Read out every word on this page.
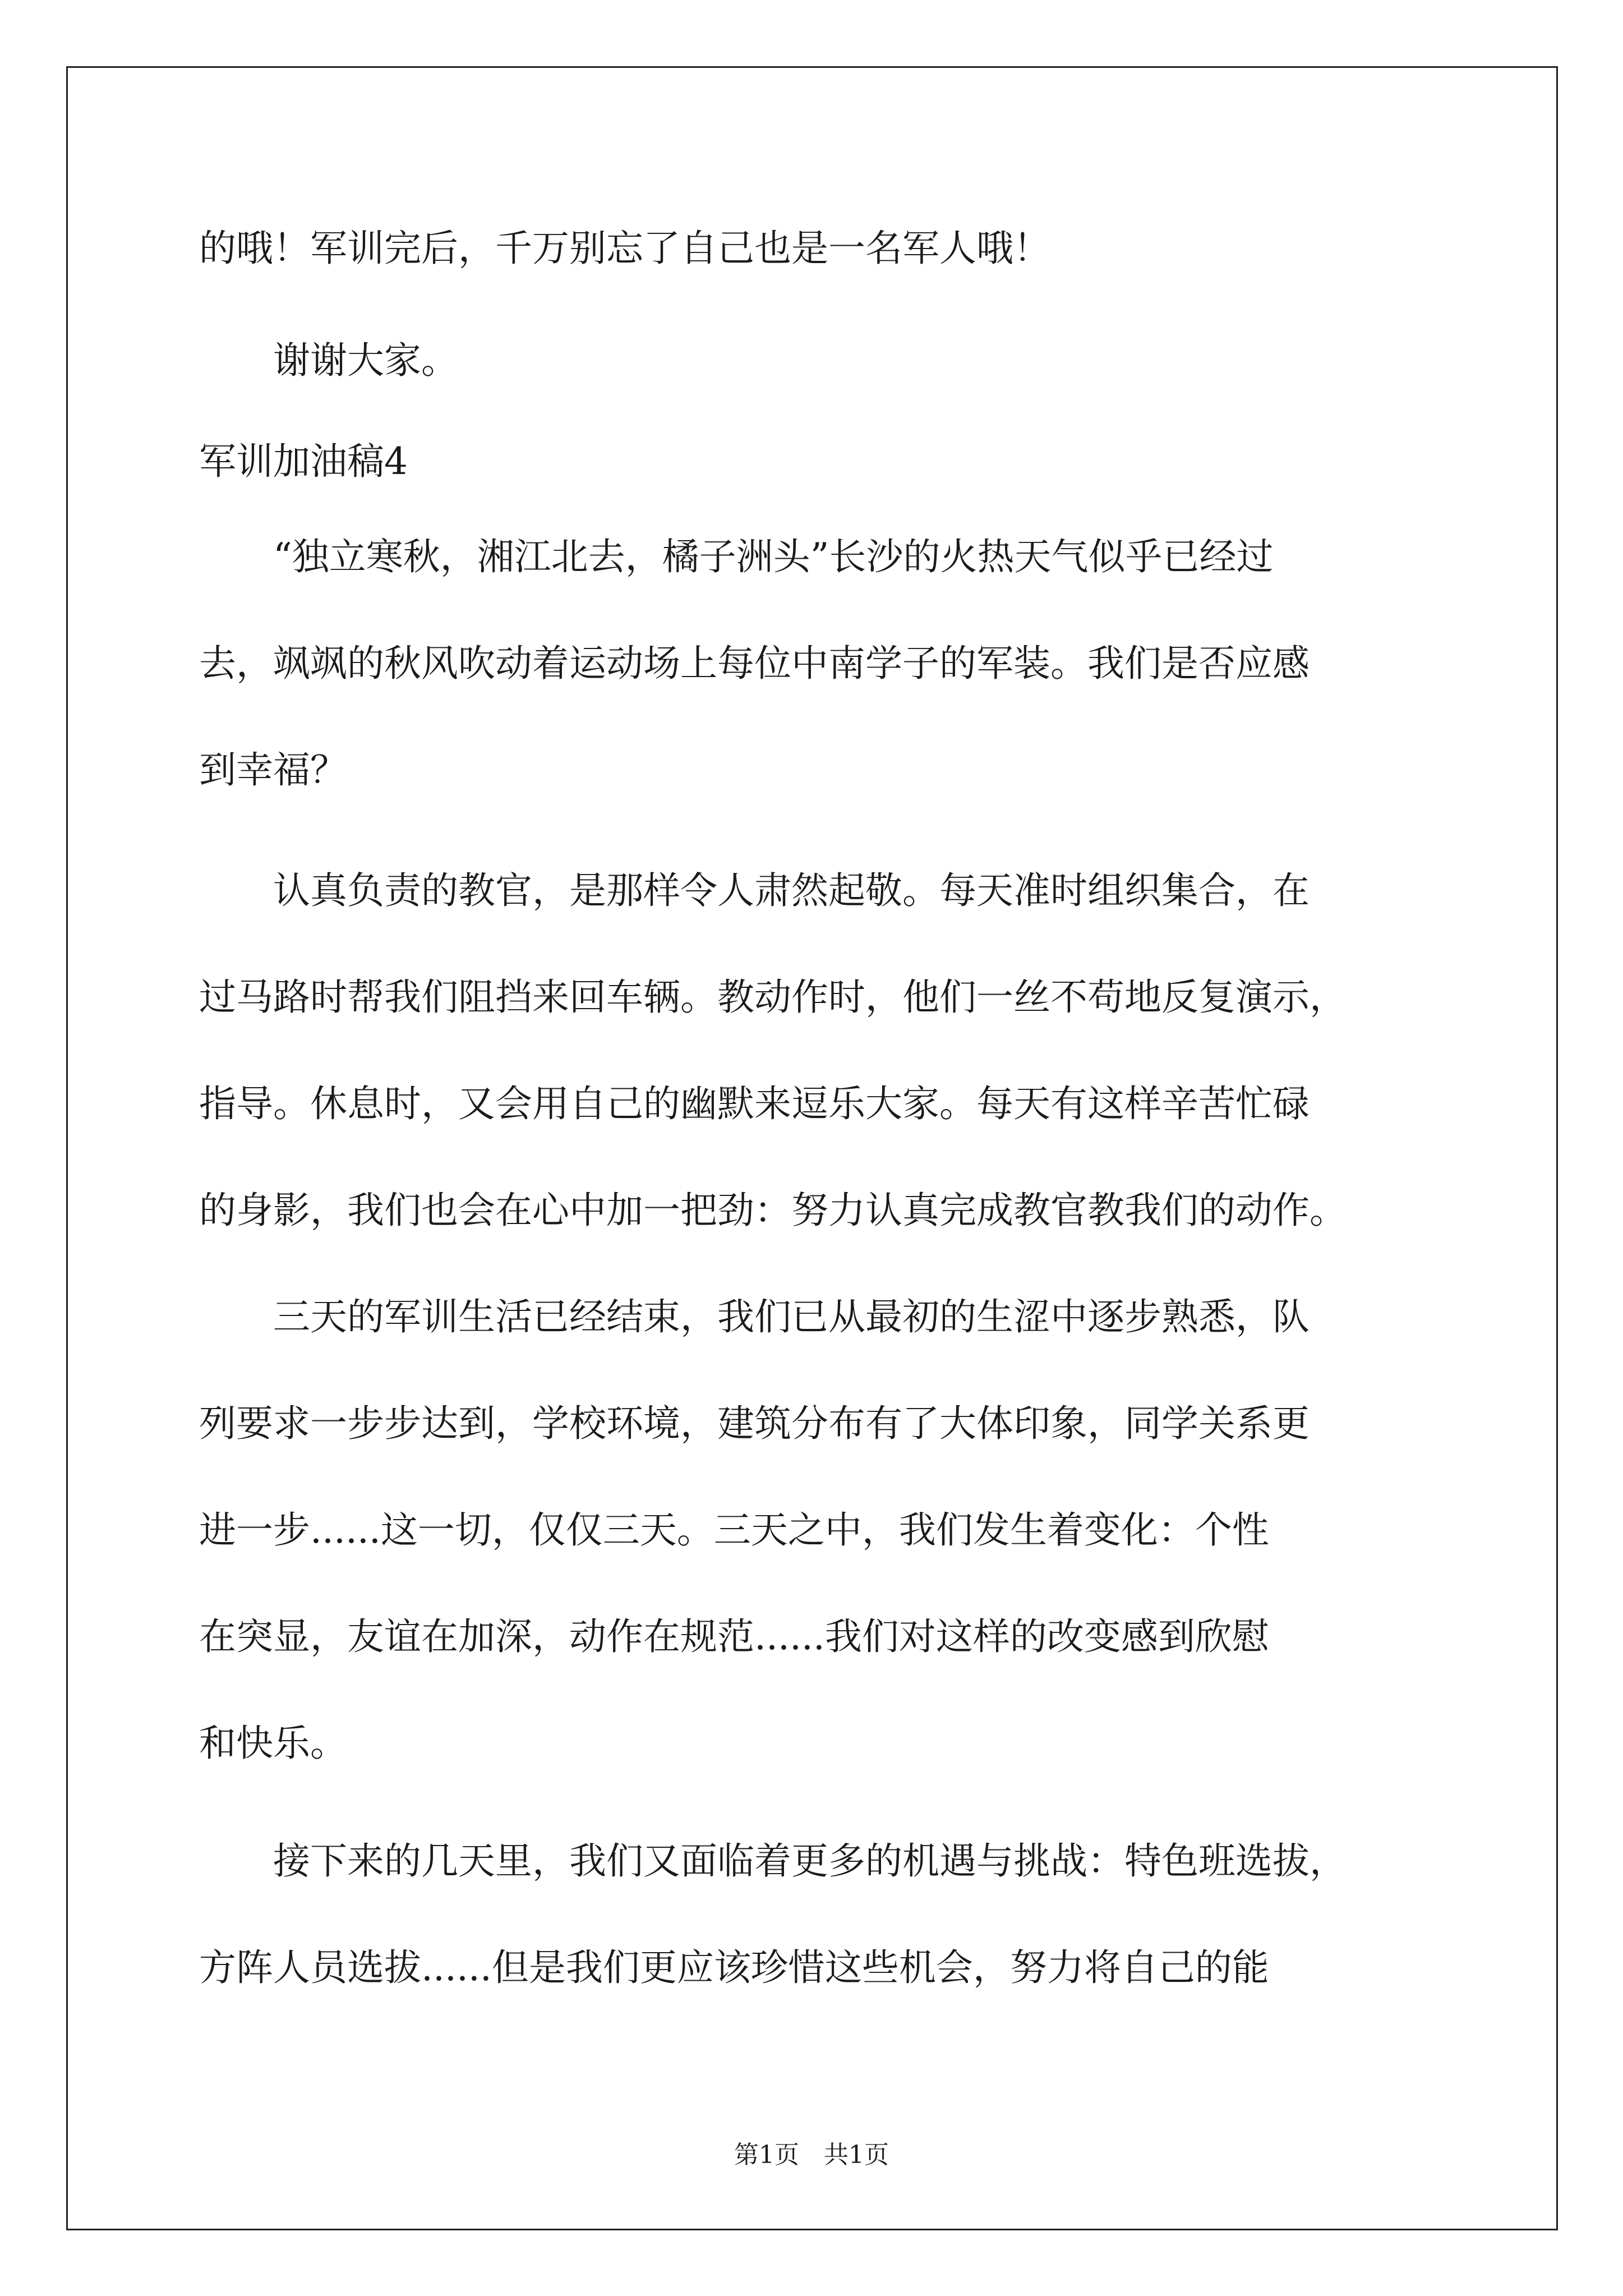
的哦！军训完后，千万别忘了自己也是一名军人哦！
　　谢谢大家。
军训加油稿4
　　“独立寒秋，湘江北去，橘子洲头”长沙的火热天气似乎已经过
去，飒飒的秋风吹动着运动场上每位中南学子的军装。我们是否应感
到幸福？
　　认真负责的教官，是那样令人肃然起敬。每天准时组织集合，在
过马路时帮我们阻挡来回车辆。教动作时，他们一丝不苟地反复演示，
指导。休息时，又会用自己的幽默来逗乐大家。每天有这样辛苦忙碌
的身影，我们也会在心中加一把劲：努力认真完成教官教我们的动作。
　　三天的军训生活已经结束，我们已从最初的生涩中逐步熟悉，队
列要求一步步达到，学校环境，建筑分布有了大体印象，同学关系更
进一步......这一切，仅仅三天。三天之中，我们发生着变化：个性
在突显，友谊在加深，动作在规范......我们对这样的改变感到欣慰
和快乐。
　　接下来的几天里，我们又面临着更多的机遇与挑战：特色班选拔，
方阵人员选拔......但是我们更应该珍惜这些机会，努力将自己的能
第1页　共1页
